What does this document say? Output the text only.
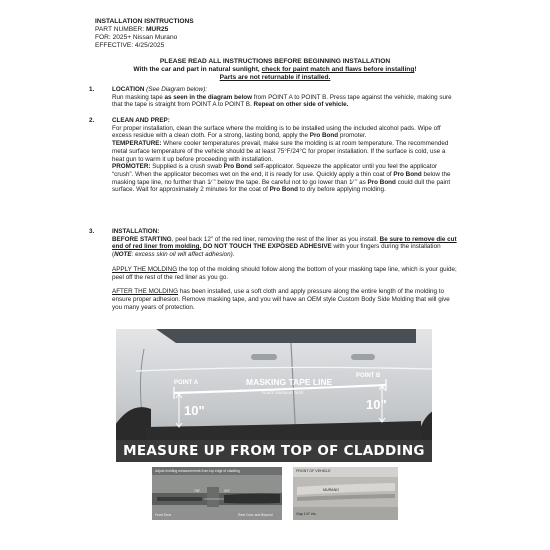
INSTALLATION ISNTRUCTIONS
PART NUMBER: MUR25
FOR: 2025+ Nissan Murano
EFFECTIVE: 4/25/2025
PLEASE READ ALL INSTRUCTIONS BEFORE BEGINNING INSTALLATION
With the car and part in natural sunlight, check for paint match and flaws before installing!
Parts are not returnable if installed.
1.	LOCATION (See Diagram below):

Run masking tape as seen in the diagram below from POINT A to POINT B. Press tape against the vehicle, making sure that the tape is straight from POINT A to POINT B. Repeat on other side of vehicle.

2.	CLEAN AND PREP:

For proper installation, clean the surface where the molding is to be installed using the included alcohol pads. Wipe off excess residue with a clean cloth. For a strong, lasting bond, apply the Pro Bond promoter.

TEMPERATURE: Where cooler temperatures prevail, make sure the molding is at room temperature. The recommended metal surface temperature of the vehicle should be at least 75°F/24°C for proper installation. If the surface is cold, use a heat gun to warm it up before proceeding with installation.

PROMOTER: Supplied is a crush swab Pro Bond self-applicator. Squeeze the applicator until you feel the applicator “crush”. When the applicator becomes wet on the end, it is ready for use. Quickly apply a thin coat of Pro Bond below the masking tape line, no further than 1⁄ ” below the tape. Be careful not to go lower than 1⁄ ” as Pro Bond could dull the paint surface. Wait for approximately 2 minutes for the coat of Pro Bond to dry before applying molding.

3.	INSTALLATION:

BEFORE STARTING, peel back 12” of the red liner, removing the rest of the liner as you install. Be sure to remove die cut end of red liner from molding. DO NOT TOUCH THE EXPOSED ADHESIVE with your fingers during the installation (NOTE: excess skin oil will affect adhesion).

APPLY THE MOLDING the top of the molding should follow along the bottom of your masking tape line, which is your guide; peel off the rest of the red liner as you go.

AFTER THE MOLDING has been installed, use a soft cloth and apply pressure along the entire length of the molding to ensure proper adhesion. Remove masking tape, and you will have an OEM style Custom Body Side Molding that will give you many years of protection.

POINT A
POINT B
MASKING TAPE LINE
PLACE MASKING TAPE
10"	10"
MEASURE UP FROM TOP OF CLADDING
Adjust molding measurements from top edge of cladding
7/8"	3/4"
Front Door	Rear Door and Beyond
FRONT OF VEHICLE
MURANO
Gap 1/4" etc.
